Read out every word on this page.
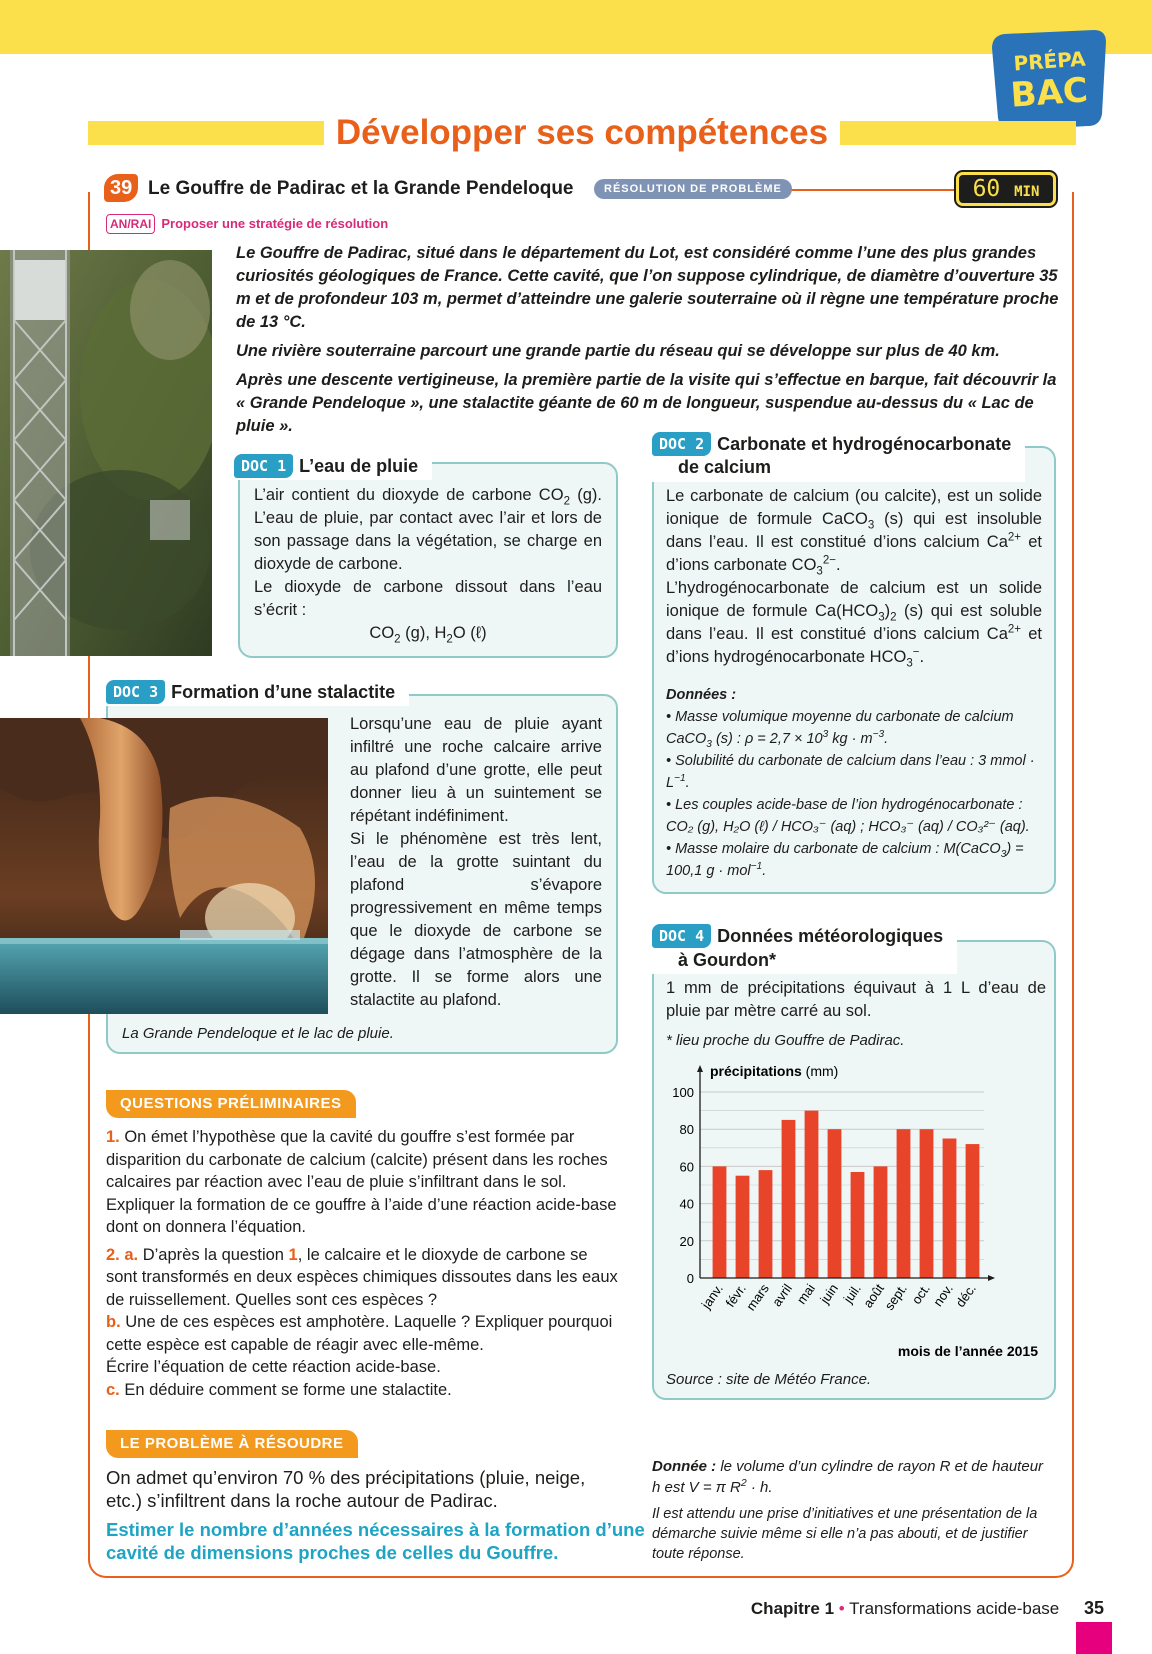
PRÉPA
BAC
Développer ses compétences
39 Le Gouffre de Padirac et la Grande Pendeloque	RÉSOLUTION DE PROBLÈME	60 MIN
AN/RAI Proposer une stratégie de résolution

Le Gouffre de Padirac, situé dans le département du Lot, est considéré comme l’une des plus grandes curiosités géologiques de France. Cette cavité, que l’on suppose cylindrique, de diamètre d’ouverture 35 m et de profondeur 103 m, permet d’atteindre une galerie souterraine où il règne une température proche de 13 °C.

Une rivière souterraine parcourt une grande partie du réseau qui se développe sur plus de 40 km.

Après une descente vertigineuse, la première partie de la visite qui s’effectue en barque, fait découvrir la « Grande Pendeloque », une stalactite géante de 60 m de longueur, suspendue au-dessus du « Lac de pluie ».

DOC 1 L’eau de pluie

L’air contient du dioxyde de carbone $CO_2$ (g). L’eau de pluie, par contact avec l’air et lors de son passage dans la végétation, se charge en dioxyde de carbone.

Le dioxyde de carbone dissout dans l’eau s’écrit :

$CO_2$ (g), $H_2O$ (ℓ)

DOC 2 Carbonate et hydrogénocarbonate
de calcium

Le carbonate de calcium (ou calcite), est un solide ionique de formule CaCO$_3$ (s) qui est insoluble dans l’eau. Il est constitué d’ions calcium $Ca^{2+}$ et d’ions carbonate $CO_3^{2-}$.

L’hydrogénocarbonate de calcium est un solide ionique de formule $Ca(HCO_3)_2$ (s) qui est soluble dans l’eau. Il est constitué d’ions calcium $Ca^{2+}$ et d’ions hydrogénocarbonate $HCO_3^-$.

Données :
• Masse volumique moyenne du carbonate de calcium CaCO$_3$ (s) : $\rho = 2,7 \times 10^3$ kg · $m^{-3}$.
• Solubilité du carbonate de calcium dans l’eau : 3 mmol · $L^{-1}$.
• Les couples acide-base de l’ion hydrogénocarbonate : CO₂ (g), H₂O (ℓ) / HCO₃⁻ (aq) ; HCO₃⁻ (aq) / CO₃²⁻ (aq).
• Masse molaire du carbonate de calcium : M(CaCO$_3$) = 100,1 g · mol$^{-1}$.
DOC 3 Formation d’une stalactite

Lorsqu’une eau de pluie ayant infiltré une roche calcaire arrive au plafond d’une grotte, elle peut donner lieu à un suintement se répétant indéfiniment.

Si le phénomène est très lent, l’eau de la grotte suintant du plafond s’évapore progressivement en même temps que le dioxyde de carbone se dégage dans l’atmosphère de la grotte. Il se forme alors une stalactite au plafond.

La Grande Pendeloque et le lac de pluie.
DOC 4 Données météorologiques
à Gourdon*

1 mm de précipitations équivaut à 1 L d’eau de pluie par mètre carré au sol.

* lieu proche du Gouffre de Padirac.
précipitations (mm)
0
20
40
60
80
100
janv.
févr.
mars
avril
mai juin juil.
août
sept.
oct.
nov.
déc.
mois de l’année 2015
Source : site de Météo France.
QUESTIONS PRÉLIMINAIRES

1. On émet l’hypothèse que la cavité du gouffre s’est formée par disparition du carbonate de calcium (calcite) présent dans les roches calcaires par réaction avec l’eau de pluie s’infiltrant dans le sol. Expliquer la formation de ce gouffre à l’aide d’une réaction acide-base dont on donnera l’équation.

2. a. D’après la question 1, le calcaire et le dioxyde de carbone se sont transformés en deux espèces chimiques dissoutes dans les eaux de ruissellement. Quelles sont ces espèces ?

b. Une de ces espèces est amphotère. Laquelle ? Expliquer pourquoi cette espèce est capable de réagir avec elle-même.

Écrire l’équation de cette réaction acide-base.

c. En déduire comment se forme une stalactite.

LE PROBLÈME À RÉSOUDRE
On admet qu’environ 70 % des précipitations (pluie, neige, etc.) s’infiltrent dans la roche autour de Padirac.
Estimer le nombre d’années nécessaires à la formation d’une cavité de dimensions proches de celles du Gouffre.
Donnée : le volume d’un cylindre de rayon R et de hauteur h est V = π $R^2 \cdot h$.
Il est attendu une prise d’initiatives et une présentation de la démarche suivie même si elle n’a pas abouti, et de justifier toute réponse.
Chapitre 1 • Transformations acide-base 35
